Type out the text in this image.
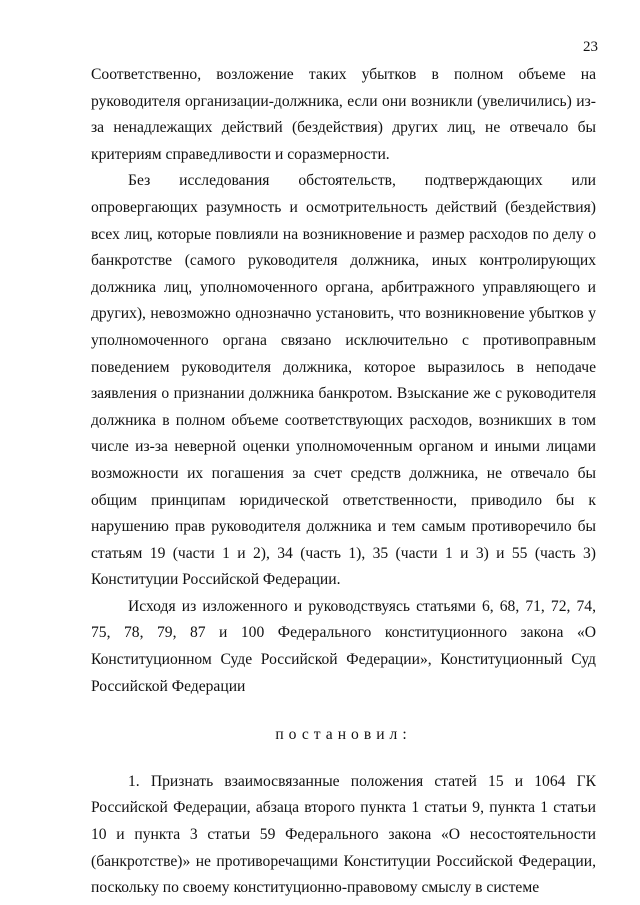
23

Соответственно, возложение таких убытков в полном объеме на руководителя организации-должника, если они возникли (увеличились) из-за ненадлежащих действий (бездействия) других лиц, не отвечало бы критериям справедливости и соразмерности.

Без исследования обстоятельств, подтверждающих или опровергающих разумность и осмотрительность действий (бездействия) всех лиц, которые повлияли на возникновение и размер расходов по делу о банкротстве (самого руководителя должника, иных контролирующих должника лиц, уполномоченного органа, арбитражного управляющего и других), невозможно однозначно установить, что возникновение убытков у уполномоченного органа связано исключительно с противоправным поведением руководителя должника, которое выразилось в неподаче заявления о признании должника банкротом. Взыскание же с руководителя должника в полном объеме соответствующих расходов, возникших в том числе из-за неверной оценки уполномоченным органом и иными лицами возможности их погашения за счет средств должника, не отвечало бы общим принципам юридической ответственности, приводило бы к нарушению прав руководителя должника и тем самым противоречило бы статьям 19 (части 1 и 2), 34 (часть 1), 35 (части 1 и 3) и 55 (часть 3) Конституции Российской Федерации.

Исходя из изложенного и руководствуясь статьями 6, 68, 71, 72, 74, 75, 78, 79, 87 и 100 Федерального конституционного закона «О Конституционном Суде Российской Федерации», Конституционный Суд Российской Федерации

постановил:

1. Признать взаимосвязанные положения статей 15 и 1064 ГК Российской Федерации, абзаца второго пункта 1 статьи 9, пункта 1 статьи 10 и пункта 3 статьи 59 Федерального закона «О несостоятельности (банкротстве)» не противоречащими Конституции Российской Федерации, поскольку по своему конституционно-правовому смыслу в системе
